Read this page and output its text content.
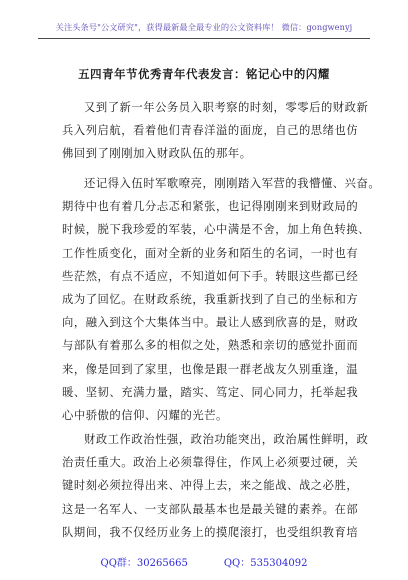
关注头条号"公文研究"，获得最新最全最专业的公文资料库！ 微信：gongwenyj
五四青年节优秀青年代表发言：铭记心中的闪耀
又到了新一年公务员入职考察的时刻，零零后的财政新
兵入列启航，看着他们青春洋溢的面庞，自己的思绪也仿
佛回到了刚刚加入财政队伍的那年。
还记得入伍时军歌嘹亮，刚刚踏入军营的我懵懂、兴奋。
期待中也有着几分忐忑和紧张，也记得刚刚来到财政局的
时候，脱下我珍爱的军装，心中满是不舍，加上角色转换、
工作性质变化，面对全新的业务和陌生的名词，一时也有
些茫然，有点不适应，不知道如何下手。转眼这些都已经
成为了回忆。在财政系统，我重新找到了自己的坐标和方
向，融入到这个大集体当中。最让人感到欣喜的是，财政
与部队有着那么多的相似之处，熟悉和亲切的感觉扑面而
来，像是回到了家里，也像是跟一群老战友久别重逢，温
暖、坚韧、充满力量，踏实、笃定、同心同力，托举起我
心中骄傲的信仰、闪耀的光芒。
财政工作政治性强，政治功能突出，政治属性鲜明，政
治责任重大。政治上必须靠得住，作风上必须要过硬，关
键时刻必须拉得出来、冲得上去，来之能战、战之必胜，
这是一名军人、一支部队最基本也是最关键的素养。在部
队期间，我不仅经历业务上的摸爬滚打，也受组织教育培
QQ群：30265665	QQ：535304092
